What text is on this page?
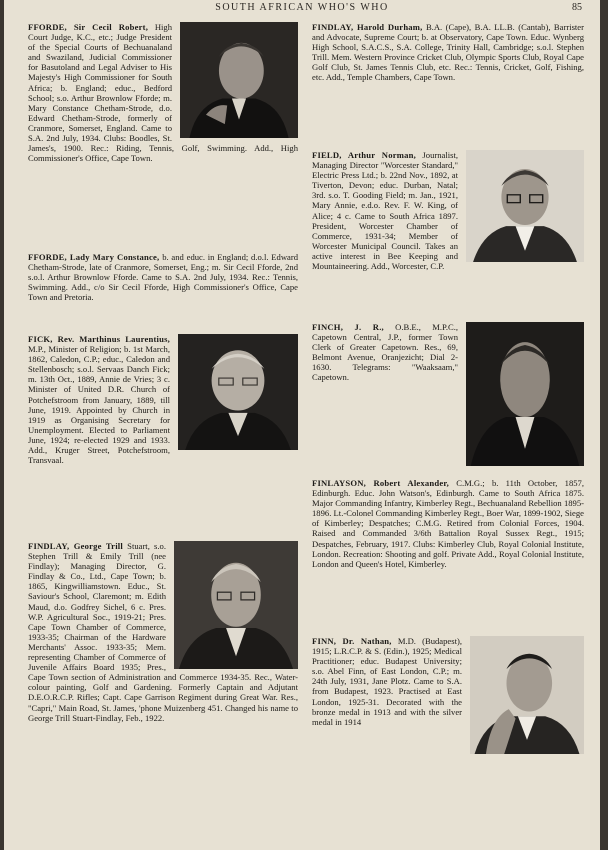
SOUTH AFRICAN WHO'S WHO	85
FFORDE, Sir Cecil Robert, High Court Judge, K.C., etc.; Judge President of the Special Courts of Bechuanaland and Swaziland, Judicial Commissioner for Basutoland and Legal Adviser to His Majesty's High Commissioner for South Africa; b. England; educ., Bedford School; s.o. Arthur Brownlow Fforde; m. Mary Constance Chetham-Strode, d.o. Edward Chetham-Strode, formerly of Cranmore, Somerset, England. Came to S.A. 2nd July, 1934. Clubs: Boodles, St. James's, 1900. Rec.: Riding, Tennis, Golf, Swimming. Add., High Commissioner's Office, Cape Town.
FFORDE, Lady Mary Constance, b. and educ. in England; d.o.l. Edward Chetham-Strode, late of Cranmore, Somerset, Eng.; m. Sir Cecil Fforde, 2nd s.o.l. Arthur Brownlow Fforde. Came to S.A. 2nd July, 1934. Rec.: Tennis, Swimming. Add., c/o Sir Cecil Fforde, High Commissioner's Office, Cape Town and Pretoria.
FICK, Rev. Marthinus Laurentius, M.P., Minister of Religion; b. 1st March, 1862, Caledon, C.P.; educ., Caledon and Stellenbosch; s.o.l. Servaas Danch Fick; m. 13th Oct., 1889, Annie de Vries; 3 c. Minister of United D.R. Church of Potchefstroom from January, 1889, till June, 1919. Appointed by Church in 1919 as Organising Secretary for Unemployment. Elected to Parliament June, 1924; re-elected 1929 and 1933. Add., Kruger Street, Potchefstroom, Transvaal.
FINDLAY, George Trill Stuart, s.o. Stephen Trill & Emily Trill (nee Findlay); Managing Director, G. Findlay & Co., Ltd., Cape Town; b. 1865, Kingwilliamstown. Educ., St. Saviour's School, Claremont; m. Edith Maud, d.o. Godfrey Sichel, 6 c. Pres. W.P. Agricultural Soc., 1919-21; Pres. Cape Town Chamber of Commerce, 1933-35; Chairman of the Hardware Merchants' Assoc. 1933-35; Mem. representing Chamber of Commerce of Juvenile Affairs Board 1935; Pres., Cape Town section of Administration and Commerce 1934-35. Rec., Water-colour painting, Golf and Gardening. Formerly Captain and Adjutant D.E.O.R.C.P. Rifles; Capt. Cape Garrison Regiment during Great War. Res., "Capri," Main Road, St. James, 'phone Muizenberg 451. Changed his name to George Trill Stuart-Findlay, Feb., 1922.
FINDLAY, Harold Durham, B.A. (Cape), B.A. LL.B. (Cantab), Barrister and Advocate, Supreme Court; b. at Observatory, Cape Town. Educ. Wynberg High School, S.A.C.S., S.A. College, Trinity Hall, Cambridge; s.o.l. Stephen Trill. Mem. Western Province Cricket Club, Olympic Sports Club, Royal Cape Golf Club, St. James Tennis Club, etc. Rec.: Tennis, Cricket, Golf, Fishing, etc. Add., Temple Chambers, Cape Town.
FIELD, Arthur Norman, Journalist, Managing Director "Worcester Standard," Electric Press Ltd.; b. 22nd Nov., 1892, at Tiverton, Devon; educ. Durban, Natal; 3rd. s.o. T. Gooding Field; m. Jan., 1921, Mary Annie, e.d.o. Rev. F. W. King, of Alice; 4 c. Came to South Africa 1897. President, Worcester Chamber of Commerce, 1931-34; Member of Worcester Municipal Council. Takes an active interest in Bee Keeping and Mountaineering. Add., Worcester, C.P.
FINCH, J. R., O.B.E., M.P.C., Capetown Central, J.P., former Town Clerk of Greater Capetown. Res., 69, Belmont Avenue, Oranjezicht; Dial 2-1630. Telegrams: "Waaksaam," Capetown.
FINLAYSON, Robert Alexander, C.M.G.; b. 11th October, 1857, Edinburgh. Educ. John Watson's, Edinburgh. Came to South Africa 1875. Major Commanding Infantry, Kimberley Regt., Bechuanaland Rebellion 1895-1896. Lt.-Colonel Commanding Kimberley Regt., Boer War, 1899-1902, Siege of Kimberley; Despatches; C.M.G. Retired from Colonial Forces, 1904. Raised and Commanded 3/6th Battalion Royal Sussex Regt., 1915; Despatches, February, 1917. Clubs: Kimberley Club, Royal Colonial Institute, London. Recreation: Shooting and golf. Private Add., Royal Colonial Institute, London and Queen's Hotel, Kimberley.
FINN, Dr. Nathan, M.D. (Budapest), 1915; L.R.C.P. & S. (Edin.), 1925; Medical Practitioner; educ. Budapest University; s.o. Abel Finn, of East London, C.P.; m. 24th July, 1931, Jane Plotz. Came to S.A. from Budapest, 1923. Practised at East London, 1925-31. Decorated with the bronze medal in 1913 and with the silver medal in 1914
